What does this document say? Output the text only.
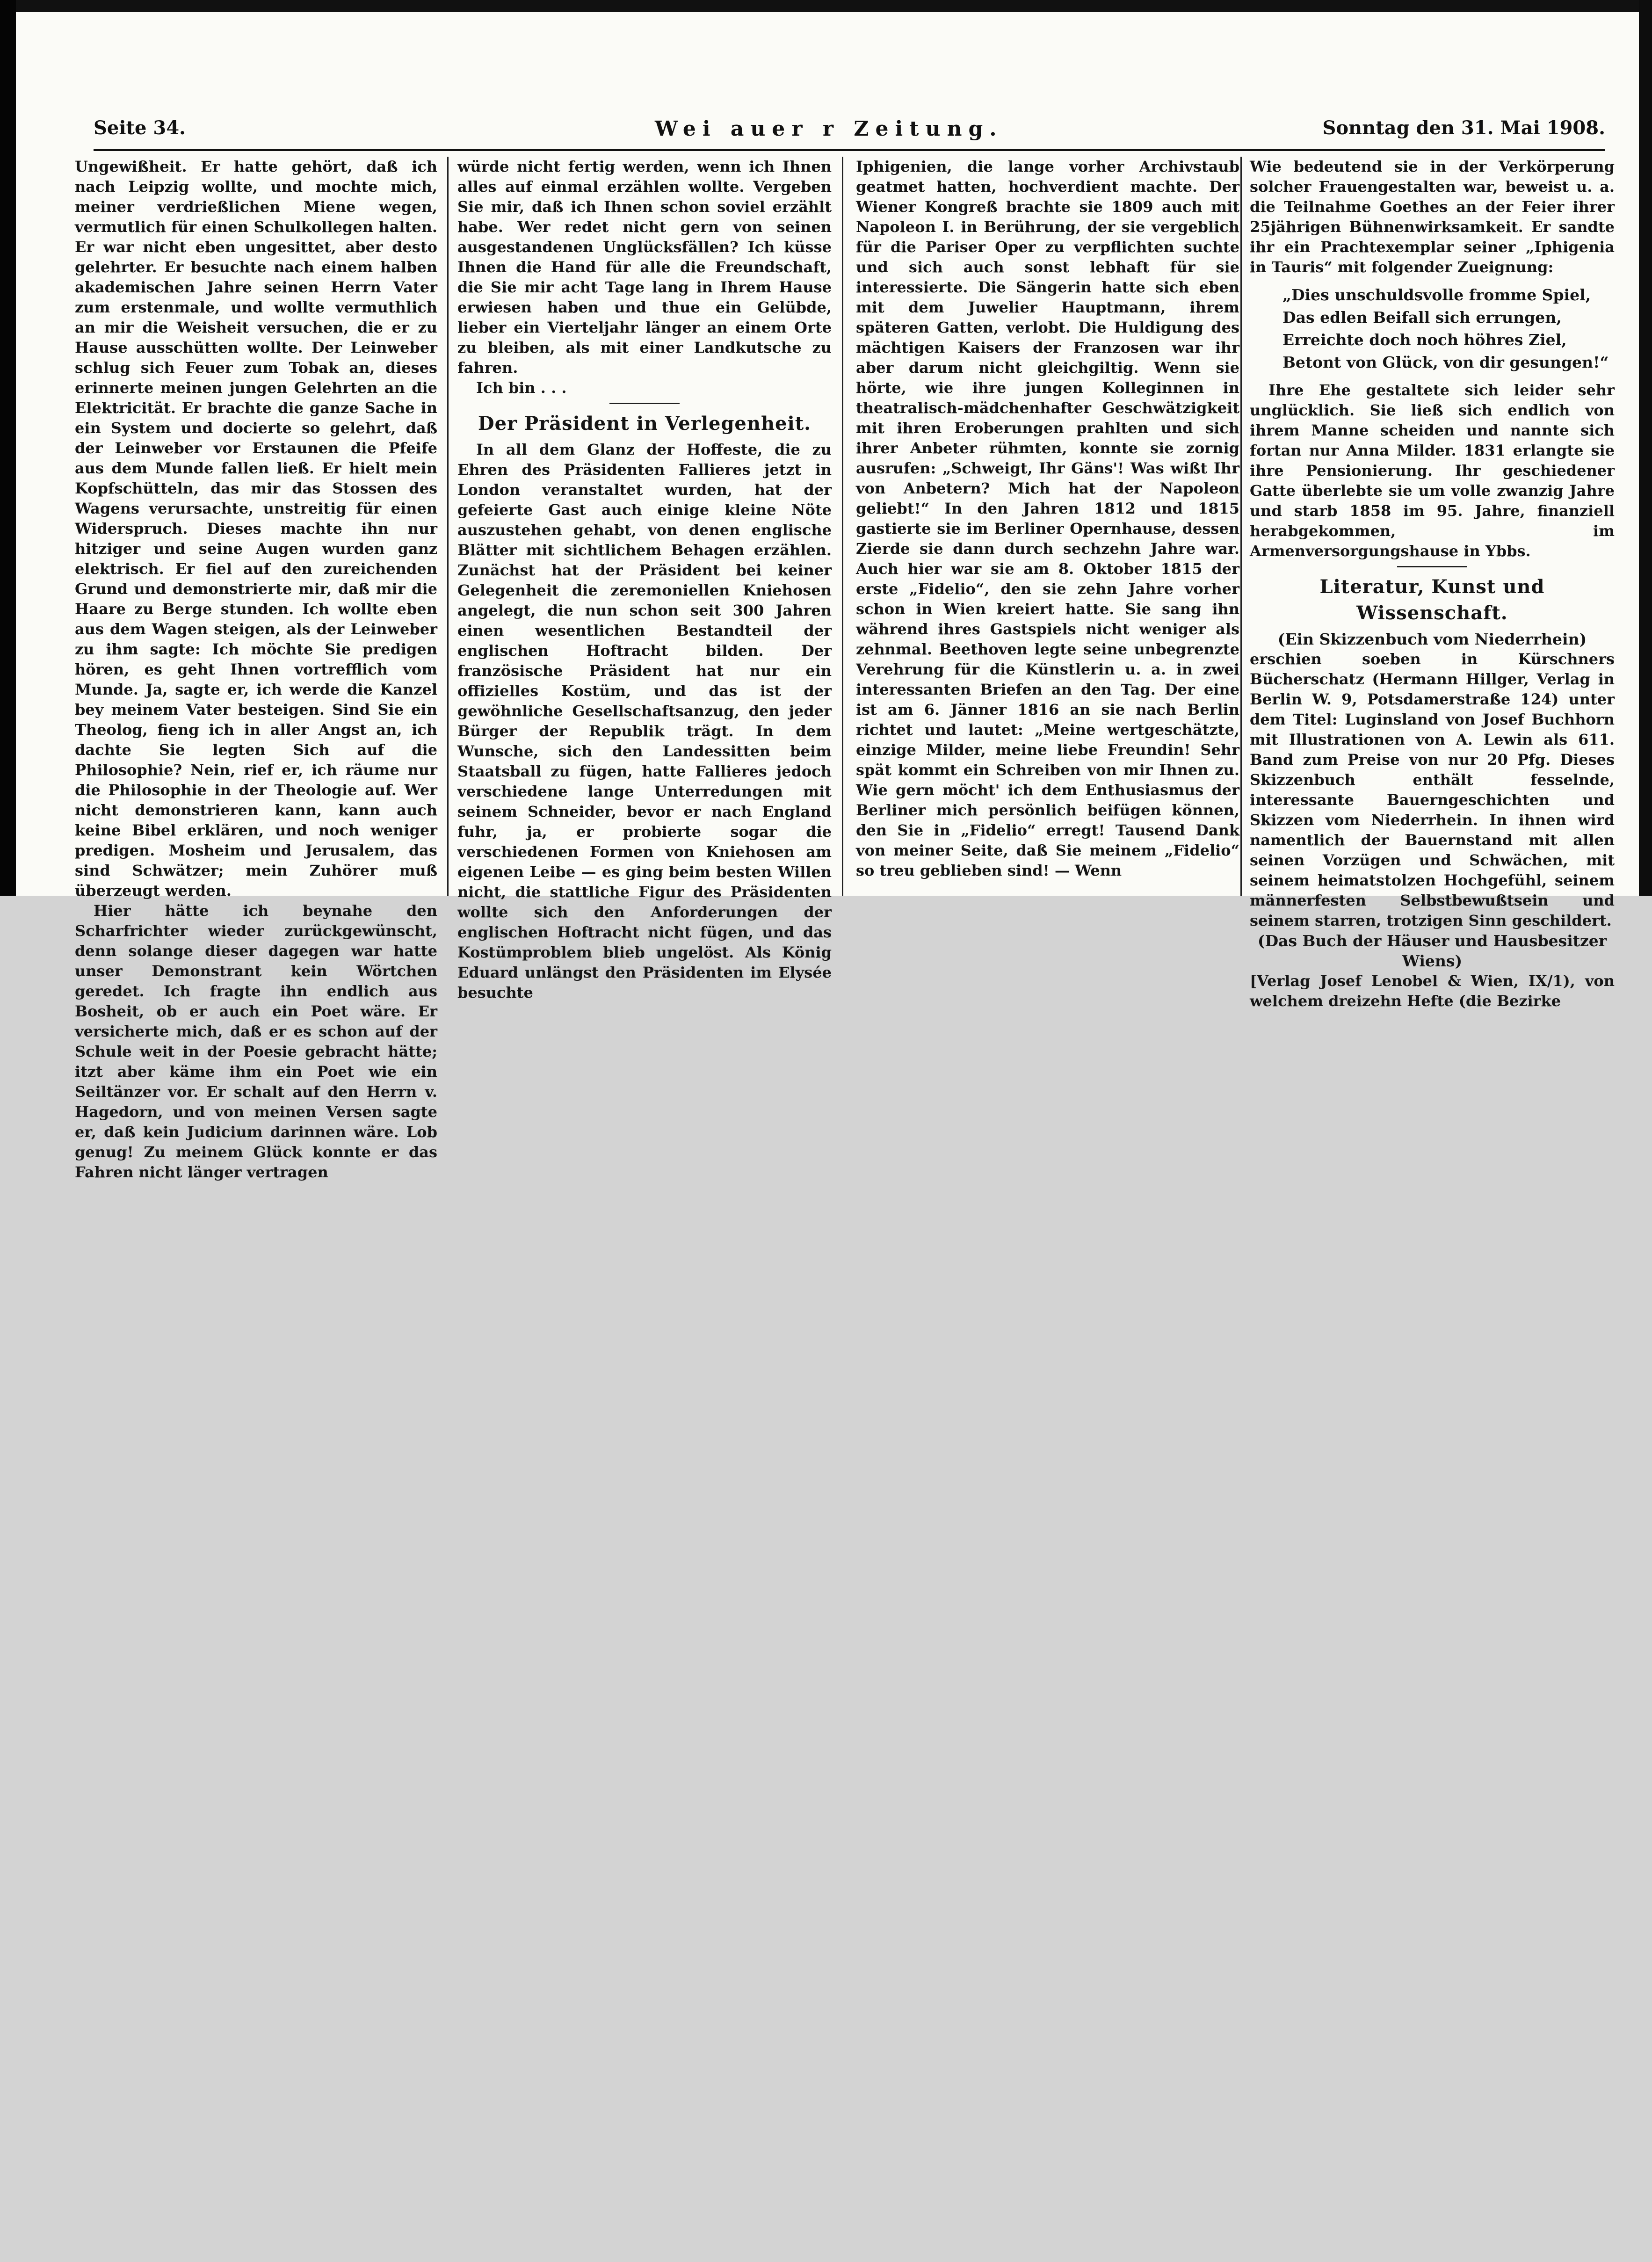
Seite 34.	Wei auer r Zeitung.	Sonntag den 31. Mai 1908.

Ungewißheit. Er hatte gehört, daß ich nach Leipzig wollte, und mochte mich, meiner verdrießlichen Miene wegen, vermutlich für einen Schulkollegen halten. Er war nicht eben ungesittet, aber desto gelehrter. Er besuchte nach einem halben akademischen Jahre seinen Herrn Vater zum erstenmale, und wollte vermuthlich an mir die Weisheit versuchen, die er zu Hause ausschütten wollte. Der Leinweber schlug sich Feuer zum Tobak an, dieses erinnerte meinen jungen Gelehrten an die Elektricität. Er brachte die ganze Sache in ein System und docierte so gelehrt, daß der Leinweber vor Erstaunen die Pfeife aus dem Munde fallen ließ. Er hielt mein Kopfschütteln, das mir das Stossen des Wagens verursachte, unstreitig für einen Widerspruch. Dieses machte ihn nur hitziger und seine Augen wurden ganz elektrisch. Er fiel auf den zureichenden Grund und demonstrierte mir, daß mir die Haare zu Berge stunden. Ich wollte eben aus dem Wagen steigen, als der Leinweber zu ihm sagte: Ich möchte Sie predigen hören, es geht Ihnen vortrefflich vom Munde. Ja, sagte er, ich werde die Kanzel bey meinem Vater besteigen. Sind Sie ein Theolog, fieng ich in aller Angst an, ich dachte Sie legten Sich auf die Philosophie? Nein, rief er, ich räume nur die Philosophie in der Theologie auf. Wer nicht demonstrieren kann, kann auch keine Bibel erklären, und noch weniger predigen. Mosheim und Jerusalem, das sind Schwätzer; mein Zuhörer muß überzeugt werden.

Hier hätte ich beynahe den Scharfrichter wieder zurückgewünscht, denn solange dieser dagegen war hatte unser Demonstrant kein Wörtchen geredet. Ich fragte ihn endlich aus Bosheit, ob er auch ein Poet wäre. Er versicherte mich, daß er es schon auf der Schule weit in der Poesie gebracht hätte; itzt aber käme ihm ein Poet wie ein Seiltänzer vor. Er schalt auf den Herrn v. Hagedorn, und von meinen Versen sagte er, daß kein Judicium darinnen wäre. Lob genug! Zu meinem Glück konnte er das Fahren nicht länger vertragen

würde nicht fertig werden, wenn ich Ihnen alles auf einmal erzählen wollte. Vergeben Sie mir, daß ich Ihnen schon soviel erzählt habe. Wer redet nicht gern von seinen ausgestandenen Unglücksfällen? Ich küsse Ihnen die Hand für alle die Freundschaft, die Sie mir acht Tage lang in Ihrem Hause erwiesen haben und thue ein Gelübde, lieber ein Vierteljahr länger an einem Orte zu bleiben, als mit einer Landkutsche zu fahren.

Ich bin . . .

Der Präsident in Verlegenheit.

In all dem Glanz der Hoffeste, die zu Ehren des Präsidenten Fallieres jetzt in London veranstaltet wurden, hat der gefeierte Gast auch einige kleine Nöte auszustehen gehabt, von denen englische Blätter mit sichtlichem Behagen erzählen. Zunächst hat der Präsident bei keiner Gelegenheit die zeremoniellen Kniehosen angelegt, die nun schon seit 300 Jahren einen wesentlichen Bestandteil der englischen Hoftracht bilden. Der französische Präsident hat nur ein offizielles Kostüm, und das ist der gewöhnliche Gesellschaftsanzug, den jeder Bürger der Republik trägt. In dem Wunsche, sich den Landessitten beim Staatsball zu fügen, hatte Fallieres jedoch verschiedene lange Unterredungen mit seinem Schneider, bevor er nach England fuhr, ja, er probierte sogar die verschiedenen Formen von Kniehosen am eigenen Leibe — es ging beim besten Willen nicht, die stattliche Figur des Präsidenten wollte sich den Anforderungen der englischen Hoftracht nicht fügen, und das Kostümproblem blieb ungelöst. Als König Eduard unlängst den Präsidenten im Elysée besuchte

Iphigenien, die lange vorher Archivstaub geatmet hatten, hochverdient machte. Der Wiener Kongreß brachte sie 1809 auch mit Napoleon I. in Berührung, der sie vergeblich für die Pariser Oper zu verpflichten suchte und sich auch sonst lebhaft für sie interessierte. Die Sängerin hatte sich eben mit dem Juwelier Hauptmann, ihrem späteren Gatten, verlobt. Die Huldigung des mächtigen Kaisers der Franzosen war ihr aber darum nicht gleichgiltig. Wenn sie hörte, wie ihre jungen Kolleginnen in theatralisch-mädchenhafter Geschwätzigkeit mit ihren Eroberungen prahlten und sich ihrer Anbeter rühmten, konnte sie zornig ausrufen: „Schweigt, Ihr Gäns'! Was wißt Ihr von Anbetern? Mich hat der Napoleon geliebt!“ In den Jahren 1812 und 1815 gastierte sie im Berliner Opernhause, dessen Zierde sie dann durch sechzehn Jahre war. Auch hier war sie am 8. Oktober 1815 der erste „Fidelio“, den sie zehn Jahre vorher schon in Wien kreiert hatte. Sie sang ihn während ihres Gastspiels nicht weniger als zehnmal. Beethoven legte seine unbegrenzte Verehrung für die Künstlerin u. a. in zwei interessanten Briefen an den Tag. Der eine ist am 6. Jänner 1816 an sie nach Berlin richtet und lautet: „Meine wertgeschätzte, einzige Milder, meine liebe Freundin! Sehr spät kommt ein Schreiben von mir Ihnen zu. Wie gern möcht' ich dem Enthusiasmus der Berliner mich persönlich beifügen können, den Sie in „Fidelio“ erregt! Tausend Dank von meiner Seite, daß Sie meinem „Fidelio“ so treu geblieben sind! — Wenn

Wie bedeutend sie in der Verkörperung solcher Frauengestalten war, beweist u. a. die Teilnahme Goethes an der Feier ihrer 25jährigen Bühnenwirksamkeit. Er sandte ihr ein Prachtexemplar seiner „Iphigenia in Tauris“ mit folgender Zueignung:

„Dies unschuldsvolle fromme Spiel,
Das edlen Beifall sich errungen,
Erreichte doch noch höhres Ziel,
Betont von Glück, von dir gesungen!“

Ihre Ehe gestaltete sich leider sehr unglücklich. Sie ließ sich endlich von ihrem Manne scheiden und nannte sich fortan nur Anna Milder. 1831 erlangte sie ihre Pensionierung. Ihr geschiedener Gatte überlebte sie um volle zwanzig Jahre und starb 1858 im 95. Jahre, finanziell herabgekommen, im Armenversorgungshause in Ybbs.

Literatur, Kunst und Wissenschaft.
(Ein Skizzenbuch vom Niederrhein)

erschien soeben in Kürschners Bücherschatz (Hermann Hillger, Verlag in Berlin W. 9, Potsdamerstraße 124) unter dem Titel: Luginsland von Josef Buchhorn mit Illustrationen von A. Lewin als 611. Band zum Preise von nur 20 Pfg. Dieses Skizzenbuch enthält fesselnde, interessante Bauerngeschichten und Skizzen vom Niederrhein. In ihnen wird namentlich der Bauernstand mit allen seinen Vorzügen und Schwächen, mit seinem heimatstolzen Hochgefühl, seinem männerfesten Selbstbewußtsein und seinem starren, trotzigen Sinn geschildert.

(Das Buch der Häuser und Hausbesitzer Wiens)

[Verlag Josef Lenobel & Wien, IX/1), von welchem dreizehn Hefte (die Bezirke
